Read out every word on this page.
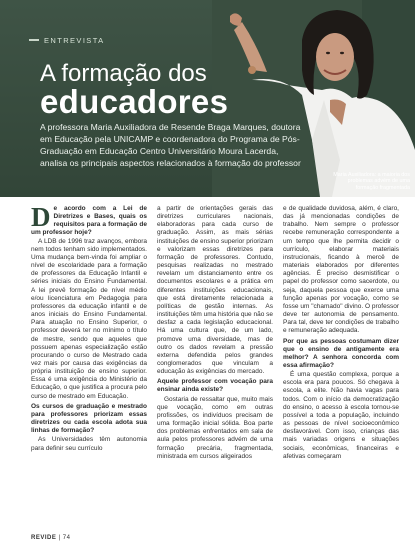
ENTREVISTA
A formação dos
educadores
A professora Maria Auxiliadora de Resende Braga Marques, doutora em Educação pela UNICAMP e coordenadora do Programa de Pós-Graduação em Educação Centro Universitário Moura Lacerda, analisa os principais aspectos relacionados à formação do professor
Maria Auxiliadora: a maioria dos problemas advém de uma formação fragmentada

De acordo com a Lei de Diretrizes e Bases, quais os requisitos para a formação de um professor hoje?

A LDB de 1996 traz avanços, embora nem todos tenham sido implementados. Uma mudança bem-vinda foi ampliar o nível de escolaridade para a formação de professores da Educação Infantil e séries iniciais do Ensino Fundamental. A lei prevê formação de nível médio e/ou licenciatura em Pedagogia para professores da educação infantil e de anos iniciais do Ensino Fundamental. Para atuação no Ensino Superior, o professor deverá ter no mínimo o título de mestre, sendo que aqueles que possuem apenas especialização estão procurando o curso de Mestrado cada vez mais por causa das exigências da própria instituição de ensino superior. Essa é uma exigência do Ministério da Educação, o que justifica a procura pelo curso de mestrado em Educação.

Os cursos de graduação e mestrado para professores priorizam essas diretrizes ou cada escola adota sua linhas de formação?

As Universidades têm autonomia para definir seu currículo

a partir de orientações gerais das diretrizes curriculares nacionais, elaboradoras para cada curso de graduação. Assim, as mais sérias instituições de ensino superior priorizam e valorizam essas diretrizes para formação de professores. Contudo, pesquisas realizadas no mestrado revelam um distanciamento entre os documentos escolares e a prática em diferentes instituições educacionais, que está diretamente relacionada a políticas de gestão internas. As instituições têm uma história que não se desfaz a cada legislação educacional. Há uma cultura que, de um lado, promove uma diversidade, mas de outro os dados revelam a pressão externa defendida pelos grandes conglomerados que vinculam a educação às exigências do mercado.

Aquele professor com vocação para ensinar ainda existe?

Gostaria de ressaltar que, muito mais que vocação, como em outras profissões, os indivíduos precisam de uma formação inicial sólida. Boa parte dos problemas enfrentados em sala de aula pelos professores advém de uma formação precária, fragmentada, ministrada em cursos aligeirados

e de qualidade duvidosa, além, é claro, das já mencionadas condições de trabalho. Nem sempre o professor recebe remuneração correspondente a um tempo que lhe permita decidir o currículo, elaborar materiais instrucionais, ficando à mercê de materiais elaborados por diferentes agências. É preciso desmistificar o papel do professor como sacerdote, ou seja, daquela pessoa que exerce uma função apenas por vocação, como se fosse um "chamado" divino. O professor deve ter autonomia de pensamento. Para tal, deve ter condições de trabalho e remuneração adequada.

Por que as pessoas costumam dizer que o ensino de antigamente era melhor? A senhora concorda com essa afirmação?

É uma questão complexa, porque a escola era para poucos. Só chegava à escola, a elite. Não havia vagas para todos. Com o início da democratização do ensino, o acesso à escola tornou-se possível a toda a população, incluindo as pessoas de nível socioeconômico desfavorável. Com isso, crianças das mais variadas origens e situações sociais, econômicas, financeiras e afetivas começaram

REVIDE | 74
